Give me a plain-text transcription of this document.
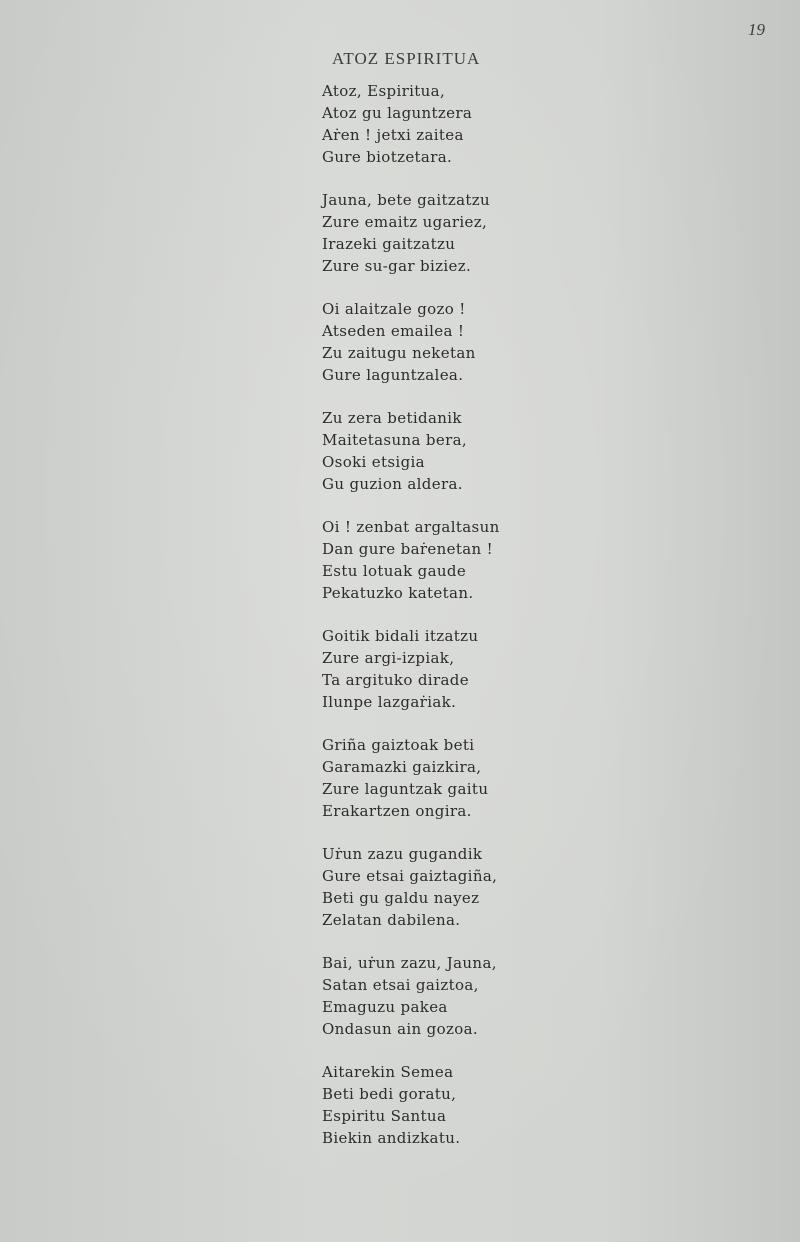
19
ATOZ ESPIRITUA
Atoz, Espiritua,
Atoz gu laguntzera
Aṙen ! jetxi zaitea
Gure biotzetara.
Jauna, bete gaitzatzu
Zure emaitz ugariez,
Irazeki gaitzatzu
Zure su-gar biziez.
Oi alaitzale gozo !
Atseden emailea !
Zu zaitugu neketan
Gure laguntzalea.
Zu zera betidanik
Maitetasuna bera,
Osoki etsigia
Gu guzion aldera.
Oi ! zenbat argaltasun
Dan gure baṙenetan !
Estu lotuak gaude
Pekatuzko katetan.
Goitik bidali itzatzu
Zure argi-izpiak,
Ta argituko dirade
Ilunpe lazgaṙiak.
Griña gaiztoak beti
Garamazki gaizkira,
Zure laguntzak gaitu
Erakartzen ongira.
Uṙun zazu gugandik
Gure etsai gaiztagiña,
Beti gu galdu nayez
Zelatan dabilena.
Bai, uṙun zazu, Jauna,
Satan etsai gaiztoa,
Emaguzu pakea
Ondasun ain gozoa.
Aitarekin Semea
Beti bedi goratu,
Espiritu Santua
Biekin andizkatu.
